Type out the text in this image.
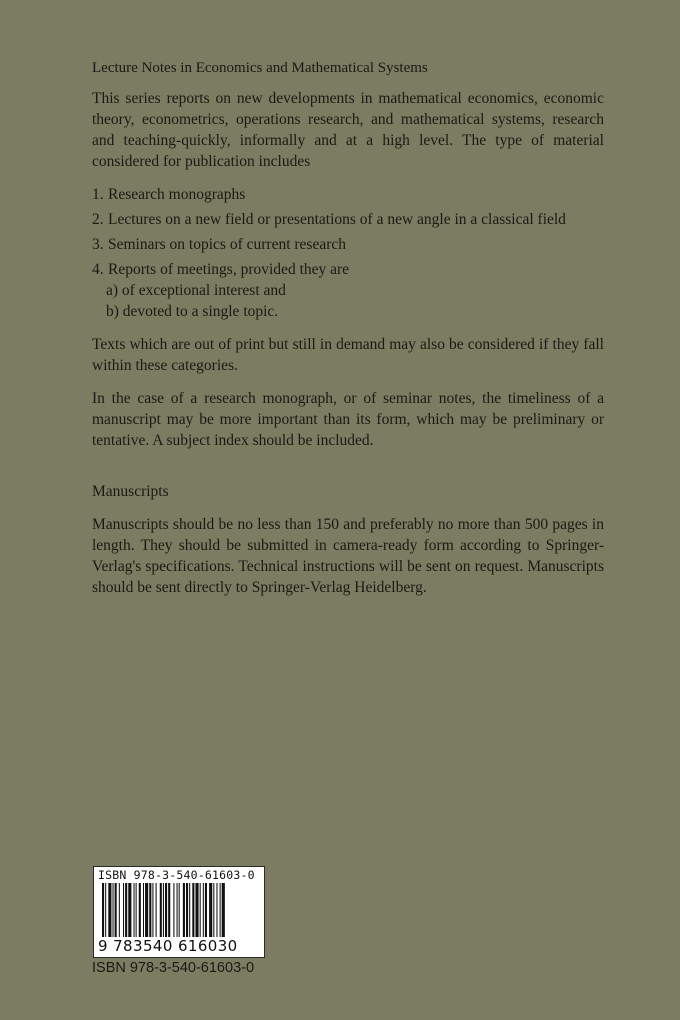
Lecture Notes in Economics and Mathematical Systems

This series reports on new developments in mathematical economics, economic theory, econometrics, operations research, and mathematical systems, research and teaching-quickly, informally and at a high level. The type of material considered for publication includes

1. Research monographs
2. Lectures on a new field or presentations of a new angle in a classical field
3. Seminars on topics of current research
4. Reports of meetings, provided they are
a) of exceptional interest and
b) devoted to a single topic.

Texts which are out of print but still in demand may also be considered if they fall within these categories.

In the case of a research monograph, or of seminar notes, the timeliness of a manuscript may be more important than its form, which may be preliminary or tentative. A subject index should be included.

Manuscripts

Manuscripts should be no less than 150 and preferably no more than 500 pages in length. They should be submitted in camera-ready form according to Springer-Verlag's specifications. Technical instructions will be sent on request. Manuscripts should be sent directly to Springer-Verlag Heidelberg.

ISBN 978-3-540-61603-0
9 783540 616030
ISBN 978-3-540-61603-0
